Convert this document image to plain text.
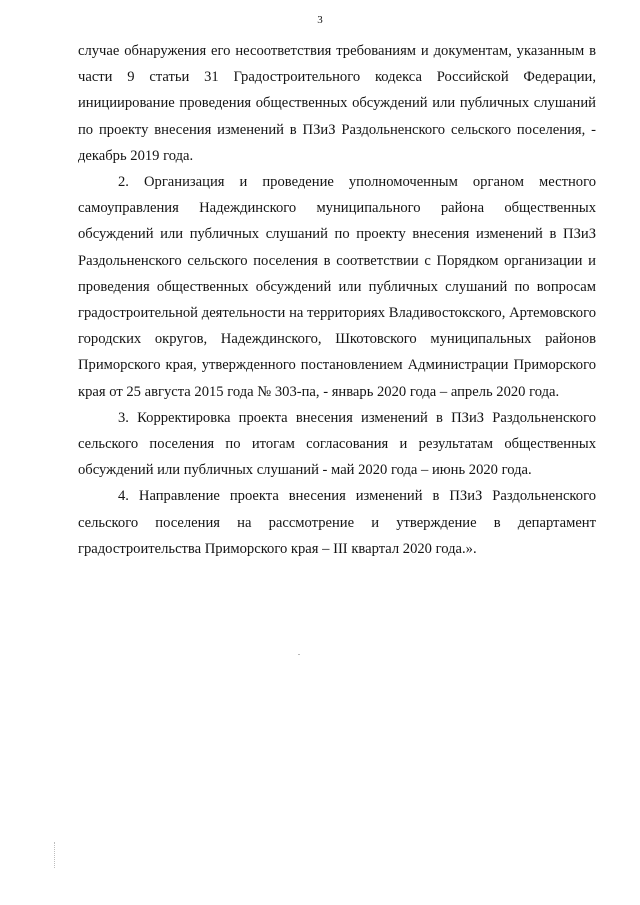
3

случае обнаружения его несоответствия требованиям и документам, указанным в части 9 статьи 31 Градостроительного кодекса Российской Федерации, инициирование проведения общественных обсуждений или публичных слушаний по проекту внесения изменений в ПЗиЗ Раздольненского сельского поселения, - декабрь 2019 года.

2. Организация и проведение уполномоченным органом местного самоуправления Надеждинского муниципального района общественных обсуждений или публичных слушаний по проекту внесения изменений в ПЗиЗ Раздольненского сельского поселения в соответствии с Порядком организации и проведения общественных обсуждений или публичных слушаний по вопросам градостроительной деятельности на территориях Владивостокского, Артемовского городских округов, Надеждинского, Шкотовского муниципальных районов Приморского края, утвержденного постановлением Администрации Приморского края от 25 августа 2015 года № 303-па, - январь 2020 года – апрель 2020 года.

3. Корректировка проекта внесения изменений в ПЗиЗ Раздольненского сельского поселения по итогам согласования и результатам общественных обсуждений или публичных слушаний - май 2020 года – июнь 2020 года.

4. Направление проекта внесения изменений в ПЗиЗ Раздольненского сельского поселения на рассмотрение и утверждение в департамент градостроительства Приморского края – III квартал 2020 года.».
